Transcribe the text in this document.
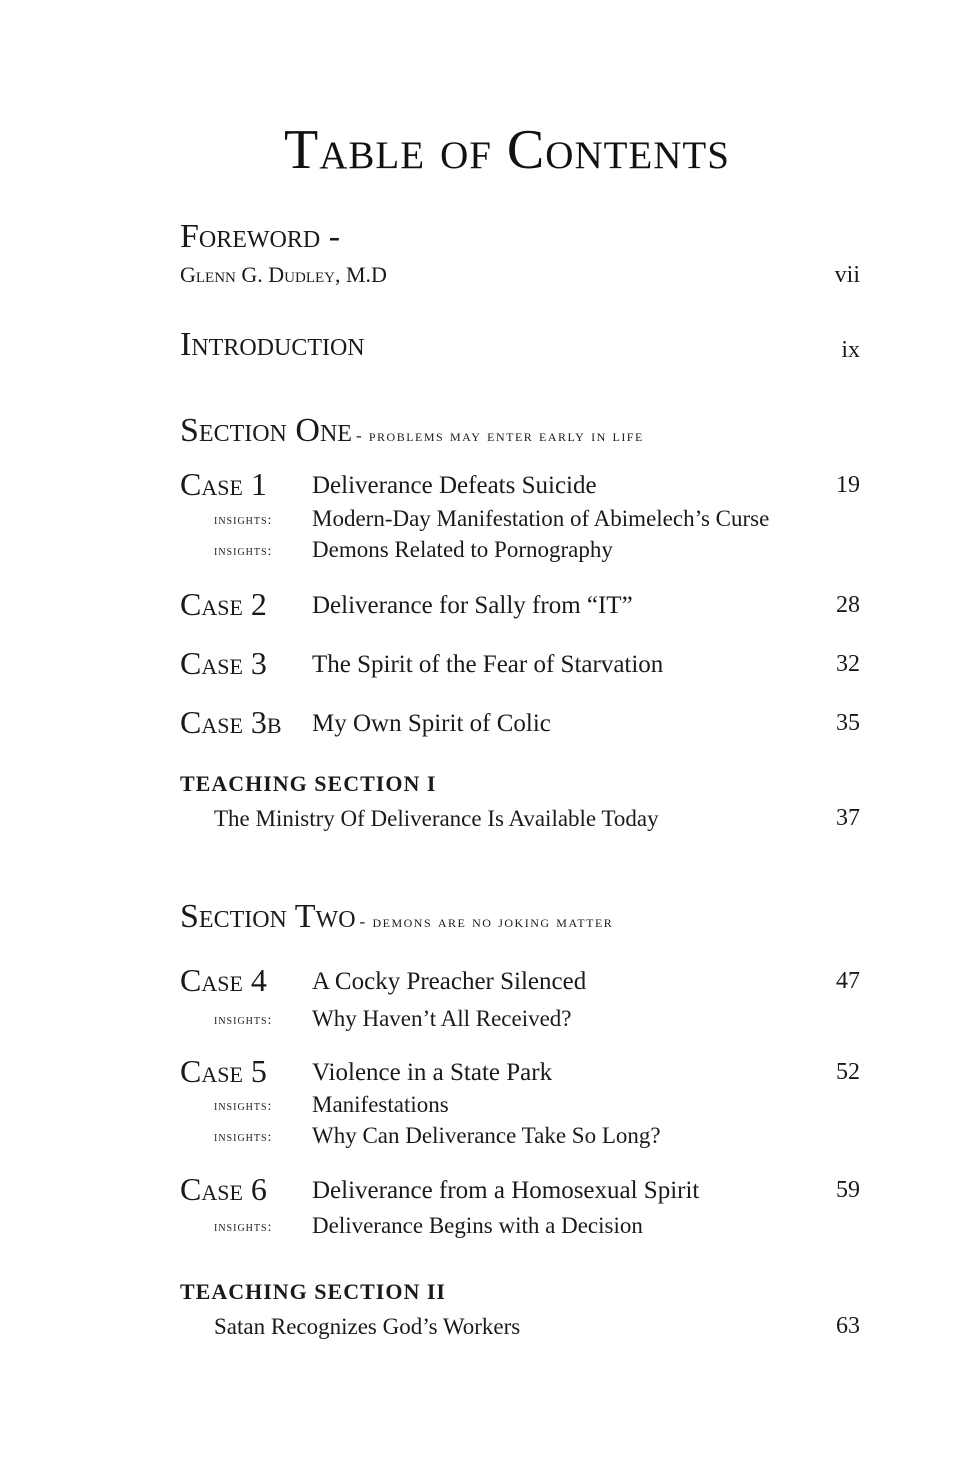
Table of Contents
Foreword -
Glenn G. Dudley, M.D	vii
Introduction	ix
Section One - problems may enter early in life
Case 1 Deliverance Defeats Suicide	19
insights: Modern-Day Manifestation of Abimelech’s Curse
insights: Demons Related to Pornography
Case 2 Deliverance for Sally from “IT”	28
Case 3 The Spirit of the Fear of Starvation	32
Case 3b My Own Spirit of Colic	35
TEACHING SECTION I
The Ministry Of Deliverance Is Available Today	37
Section Two - demons are no joking matter
Case 4 A Cocky Preacher Silenced	47
insights: Why Haven’t All Received?
Case 5 Violence in a State Park	52
insights: Manifestations
insights: Why Can Deliverance Take So Long?
Case 6 Deliverance from a Homosexual Spirit	59
insights: Deliverance Begins with a Decision
TEACHING SECTION II
Satan Recognizes God’s Workers	63
